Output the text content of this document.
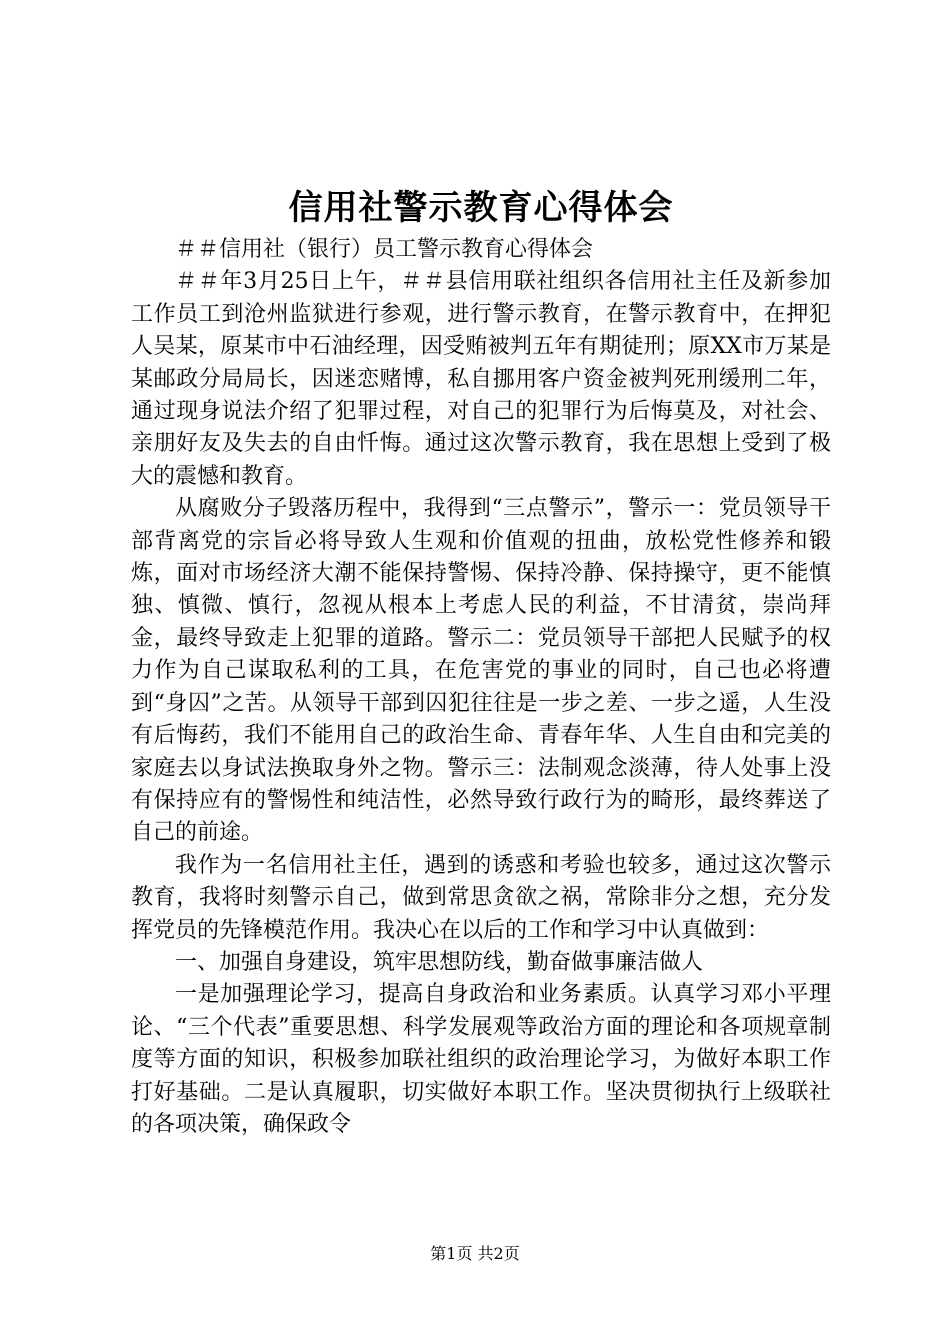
信用社警示教育心得体会

＃＃信用社（银行）员工警示教育心得体会

＃＃年3月25日上午，＃＃县信用联社组织各信用社主任及新参加工作员工到沧州监狱进行参观，进行警示教育，在警示教育中，在押犯人吴某，原某市中石油经理，因受贿被判五年有期徒刑；原XX市万某是某邮政分局局长，因迷恋赌博，私自挪用客户资金被判死刑缓刑二年，通过现身说法介绍了犯罪过程，对自己的犯罪行为后悔莫及，对社会、亲朋好友及失去的自由忏悔。通过这次警示教育，我在思想上受到了极大的震憾和教育。

从腐败分子毁落历程中，我得到“三点警示”，警示一：党员领导干部背离党的宗旨必将导致人生观和价值观的扭曲，放松党性修养和锻炼，面对市场经济大潮不能保持警惕、保持冷静、保持操守，更不能慎独、慎微、慎行，忽视从根本上考虑人民的利益，不甘清贫，崇尚拜金，最终导致走上犯罪的道路。警示二：党员领导干部把人民赋予的权力作为自己谋取私利的工具，在危害党的事业的同时，自己也必将遭到“身囚”之苦。从领导干部到囚犯往往是一步之差、一步之遥，人生没有后悔药，我们不能用自己的政治生命、青春年华、人生自由和完美的家庭去以身试法换取身外之物。警示三：法制观念淡薄，待人处事上没有保持应有的警惕性和纯洁性，必然导致行政行为的畸形，最终葬送了自己的前途。

我作为一名信用社主任，遇到的诱惑和考验也较多，通过这次警示教育，我将时刻警示自己，做到常思贪欲之祸，常除非分之想，充分发挥党员的先锋模范作用。我决心在以后的工作和学习中认真做到：

一、加强自身建设，筑牢思想防线，勤奋做事廉洁做人

一是加强理论学习，提高自身政治和业务素质。认真学习邓小平理论、“三个代表”重要思想、科学发展观等政治方面的理论和各项规章制度等方面的知识，积极参加联社组织的政治理论学习，为做好本职工作打好基础。二是认真履职，切实做好本职工作。坚决贯彻执行上级联社的各项决策，确保政令

第1页 共2页
